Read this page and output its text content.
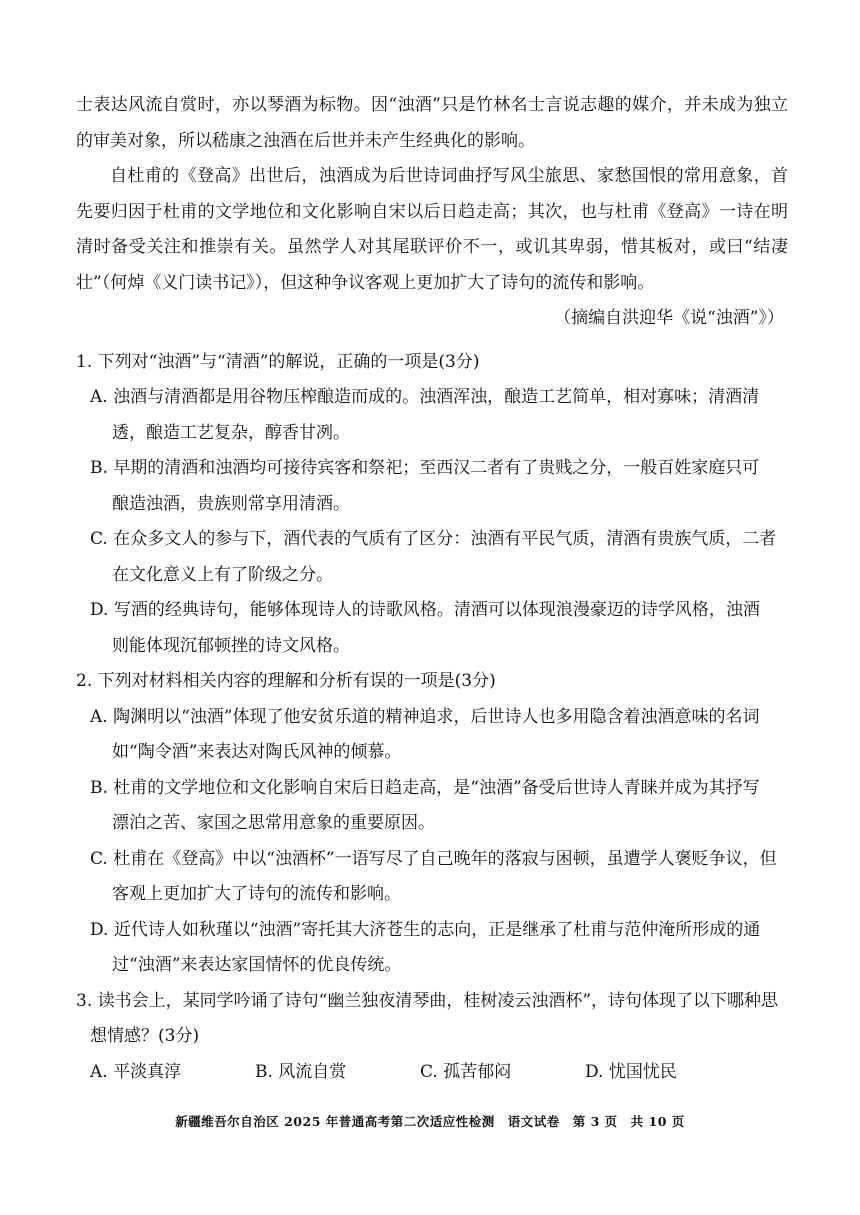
士表达风流自赏时，亦以琴酒为标物。因“浊酒”只是竹林名士言说志趣的媒介，并未成为独立的审美对象，所以嵇康之浊酒在后世并未产生经典化的影响。

自杜甫的《登高》出世后，浊酒成为后世诗词曲抒写风尘旅思、家愁国恨的常用意象，首先要归因于杜甫的文学地位和文化影响自宋以后日趋走高；其次，也与杜甫《登高》一诗在明清时备受关注和推崇有关。虽然学人对其尾联评价不一，或讥其卑弱，惜其板对，或曰“结凄壮”（何焯《义门读书记》），但这种争议客观上更加扩大了诗句的流传和影响。

（摘编自洪迎华《说“浊酒”》）

1. 下列对“浊酒”与“清酒”的解说，正确的一项是(3分)

A. 浊酒与清酒都是用谷物压榨酿造而成的。浊酒浑浊，酿造工艺简单，相对寡味；清酒清

透，酿造工艺复杂，醇香甘冽。

B. 早期的清酒和浊酒均可接待宾客和祭祀；至西汉二者有了贵贱之分，一般百姓家庭只可

酿造浊酒，贵族则常享用清酒。

C. 在众多文人的参与下，酒代表的气质有了区分：浊酒有平民气质，清酒有贵族气质，二者

在文化意义上有了阶级之分。

D. 写酒的经典诗句，能够体现诗人的诗歌风格。清酒可以体现浪漫豪迈的诗学风格，浊酒

则能体现沉郁顿挫的诗文风格。

2. 下列对材料相关内容的理解和分析有误的一项是(3分)

A. 陶渊明以“浊酒”体现了他安贫乐道的精神追求，后世诗人也多用隐含着浊酒意味的名词

如“陶令酒”来表达对陶氏风神的倾慕。

B. 杜甫的文学地位和文化影响自宋后日趋走高，是“浊酒”备受后世诗人青睐并成为其抒写

漂泊之苦、家国之思常用意象的重要原因。

C. 杜甫在《登高》中以“浊酒杯”一语写尽了自己晚年的落寂与困顿，虽遭学人褒贬争议，但

客观上更加扩大了诗句的流传和影响。

D. 近代诗人如秋瑾以“浊酒”寄托其大济苍生的志向，正是继承了杜甫与范仲淹所形成的通

过“浊酒”来表达家国情怀的优良传统。

3. 读书会上，某同学吟诵了诗句“幽兰独夜清琴曲，桂树凌云浊酒杯”，诗句体现了以下哪种思

想情感？(3分)

A. 平淡真淳	B. 风流自赏	C. 孤苦郁闷	D. 忧国忧民
新疆维吾尔自治区 2025 年普通高考第二次适应性检测　语文试卷　第 3 页　共 10 页
